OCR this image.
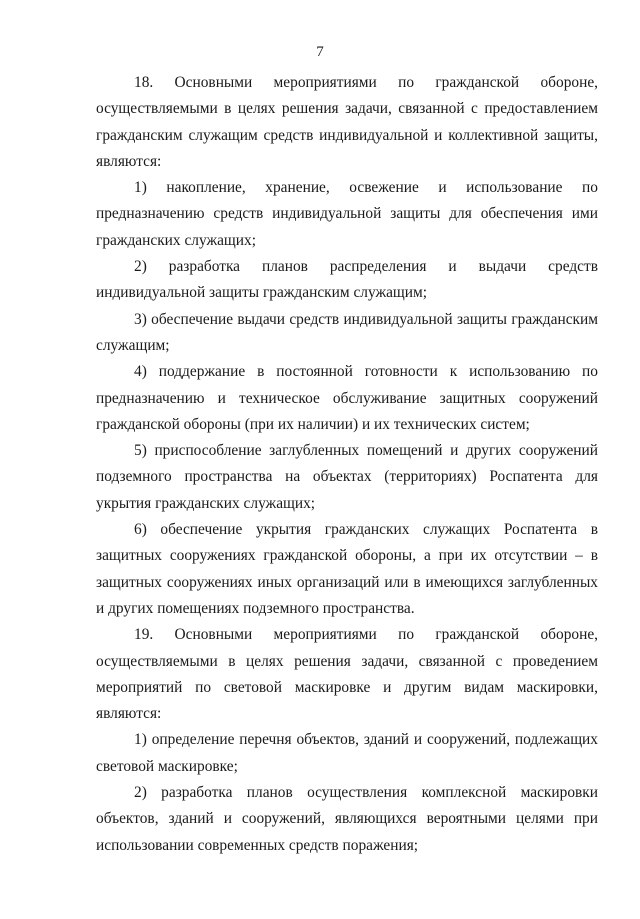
7

18. Основными мероприятиями по гражданской обороне, осуществляемыми в целях решения задачи, связанной с предоставлением гражданским служащим средств индивидуальной и коллективной защиты, являются:

1) накопление, хранение, освежение и использование по предназначению средств индивидуальной защиты для обеспечения ими гражданских служащих;

2) разработка планов распределения и выдачи средств индивидуальной защиты гражданским служащим;

3) обеспечение выдачи средств индивидуальной защиты гражданским служащим;

4) поддержание в постоянной готовности к использованию по предназначению и техническое обслуживание защитных сооружений гражданской обороны (при их наличии) и их технических систем;

5) приспособление заглубленных помещений и других сооружений подземного пространства на объектах (территориях) Роспатента для укрытия гражданских служащих;

6) обеспечение укрытия гражданских служащих Роспатента в защитных сооружениях гражданской обороны, а при их отсутствии – в защитных сооружениях иных организаций или в имеющихся заглубленных и других помещениях подземного пространства.

19. Основными мероприятиями по гражданской обороне, осуществляемыми в целях решения задачи, связанной с проведением мероприятий по световой маскировке и другим видам маскировки, являются:

1) определение перечня объектов, зданий и сооружений, подлежащих световой маскировке;

2) разработка планов осуществления комплексной маскировки объектов, зданий и сооружений, являющихся вероятными целями при использовании современных средств поражения;
